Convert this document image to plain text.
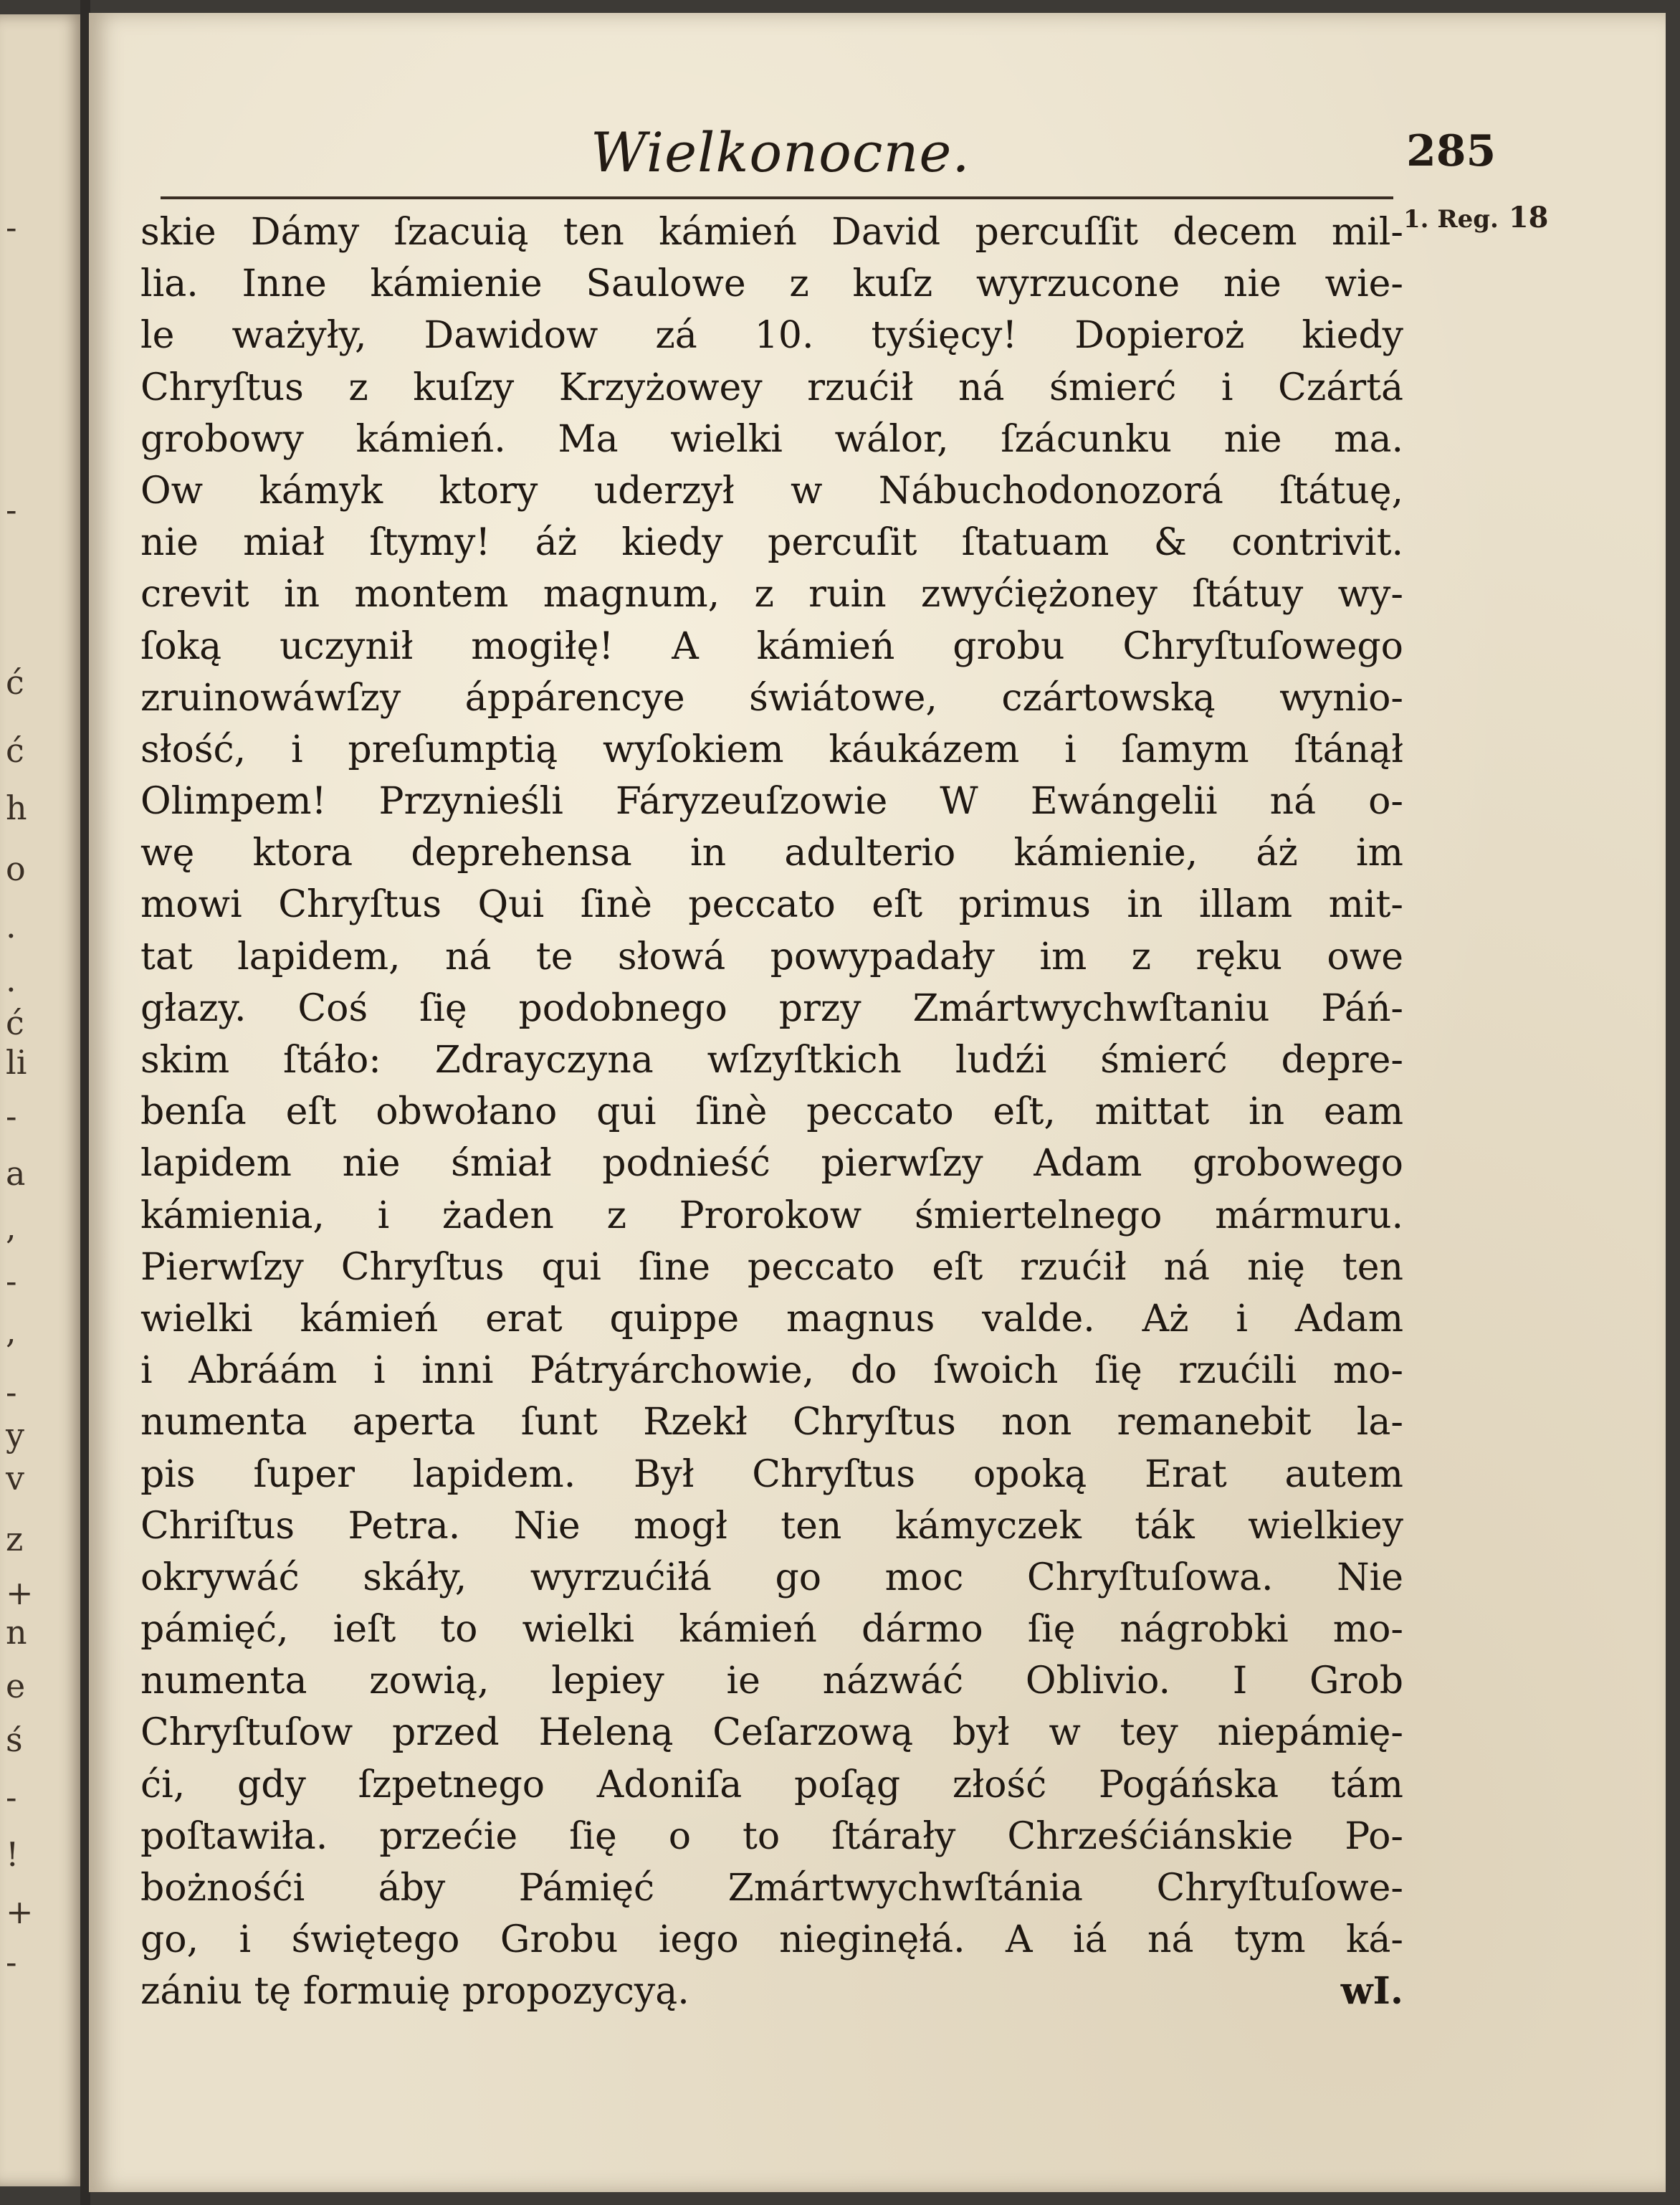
-
-
ć
ć
h
o
.
.
ć
li
-
a
,
-
,
-
y
v
z
+
n
e
ś
-
!
+
-
Wielkonocne.	285
1. Reg. 18
skie Dámy ſzacuią ten kámień David percuſſit decem mil-
lia. Inne kámienie Saulowe z kuſz wyrzucone nie wie-
le ważyły, Dawidow zá 10. tyśięcy! Dopieroż kiedy
Chryſtus z kuſzy Krzyżowey rzućił ná śmierć i Czártá
grobowy kámień. Ma wielki wálor, ſzácunku nie ma.
Ow kámyk ktory uderzył w Nábuchodonozorá ſtátuę,
nie miał ſtymy! áż kiedy percuſit ſtatuam & contrivit.
crevit in montem magnum, z ruin zwyćiężoney ſtátuy wy-
ſoką uczynił mogiłę! A kámień grobu Chryſtuſowego
zruinowáwſzy áppárencye świátowe, czártowską wynio-
słość, i preſumptią wyſokiem káukázem i ſamym ſtánął
Olimpem! Przynieśli Fáryzeuſzowie W Ewángelii ná o-
wę ktora deprehensa in adulterio kámienie, áż im
mowi Chryſtus Qui ſinè peccato eſt primus in illam mit-
tat lapidem, ná te słowá powypadały im z ręku owe
głazy. Coś ſię podobnego przy Zmártwychwſtaniu Páń-
skim ſtáło: Zdrayczyna wſzyſtkich ludźi śmierć depre-
benſa eſt obwołano qui ſinè peccato eſt, mittat in eam
lapidem nie śmiał podnieść pierwſzy Adam grobowego
kámienia, i żaden z Prorokow śmiertelnego mármuru.
Pierwſzy Chryſtus qui ſine peccato eſt rzućił ná nię ten
wielki kámień erat quippe magnus valde. Aż i Adam
i Abráám i inni Pátryárchowie, do ſwoich ſię rzućili mo-
numenta aperta ſunt Rzekł Chryſtus non remanebit la-
pis ſuper lapidem. Był Chryſtus opoką Erat autem
Chriſtus Petra. Nie mogł ten kámyczek ták wielkiey
okrywáć skáły, wyrzućiłá go moc Chryſtuſowa. Nie
pámięć, ieſt to wielki kámień dármo ſię nágrobki mo-
numenta zowią, lepiey ie názwáć Oblivio. I Grob
Chryſtuſow przed Heleną Ceſarzową był w tey niepámię-
ći, gdy ſzpetnego Adoniſa poſąg złość Pogáńska tám
poſtawiła. przećie ſię o to ſtárały Chrześćiánskie Po-
bożnośći áby Pámięć Zmártwychwſtánia Chryſtuſowe-
go, i świętego Grobu iego nieginęłá. A iá ná tym ká-
zániu tę formuię propozycyą.	wI.
